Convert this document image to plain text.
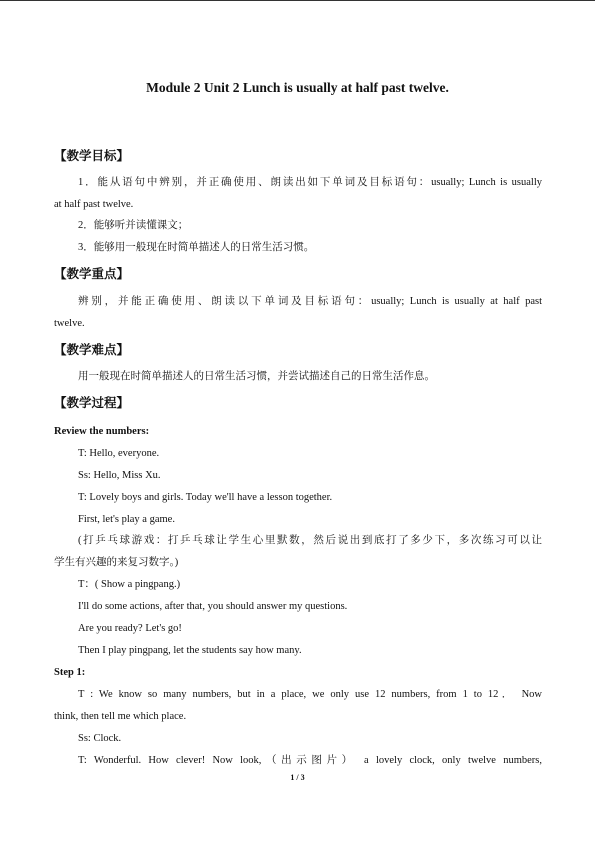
Module 2 Unit 2 Lunch is usually at half past twelve.
【教学目标】
1．能从语句中辨别，并正确使用、朗读出如下单词及目标语句：usually; Lunch is usually
at half past twelve.
2．能够听并读懂课文；
3．能够用一般现在时简单描述人的日常生活习惯。
【教学重点】
辨别，并能正确使用、朗读以下单词及目标语句：usually; Lunch is usually at half past
twelve.
【教学难点】
用一般现在时简单描述人的日常生活习惯，并尝试描述自己的日常生活作息。
【教学过程】
Review the numbers:
T: Hello, everyone.
Ss: Hello, Miss Xu.
T: Lovely boys and girls. Today we'll have a lesson together.
First, let's play a game.
(打乒乓球游戏：打乒乓球让学生心里默数，然后说出到底打了多少下，多次练习可以让
学生有兴趣的来复习数字。)
T：( Show a pingpang.)
I'll do some actions, after that, you should answer my questions.
Are you ready? Let's go!
Then I play pingpang, let the students say how many.
Step 1:
T : We know so many numbers, but in a place, we only use 12 numbers, from 1 to 12． Now
think, then tell me which place.
Ss: Clock.
T: Wonderful. How clever! Now look,（出示图片） a lovely clock, only twelve numbers,
1 / 3
